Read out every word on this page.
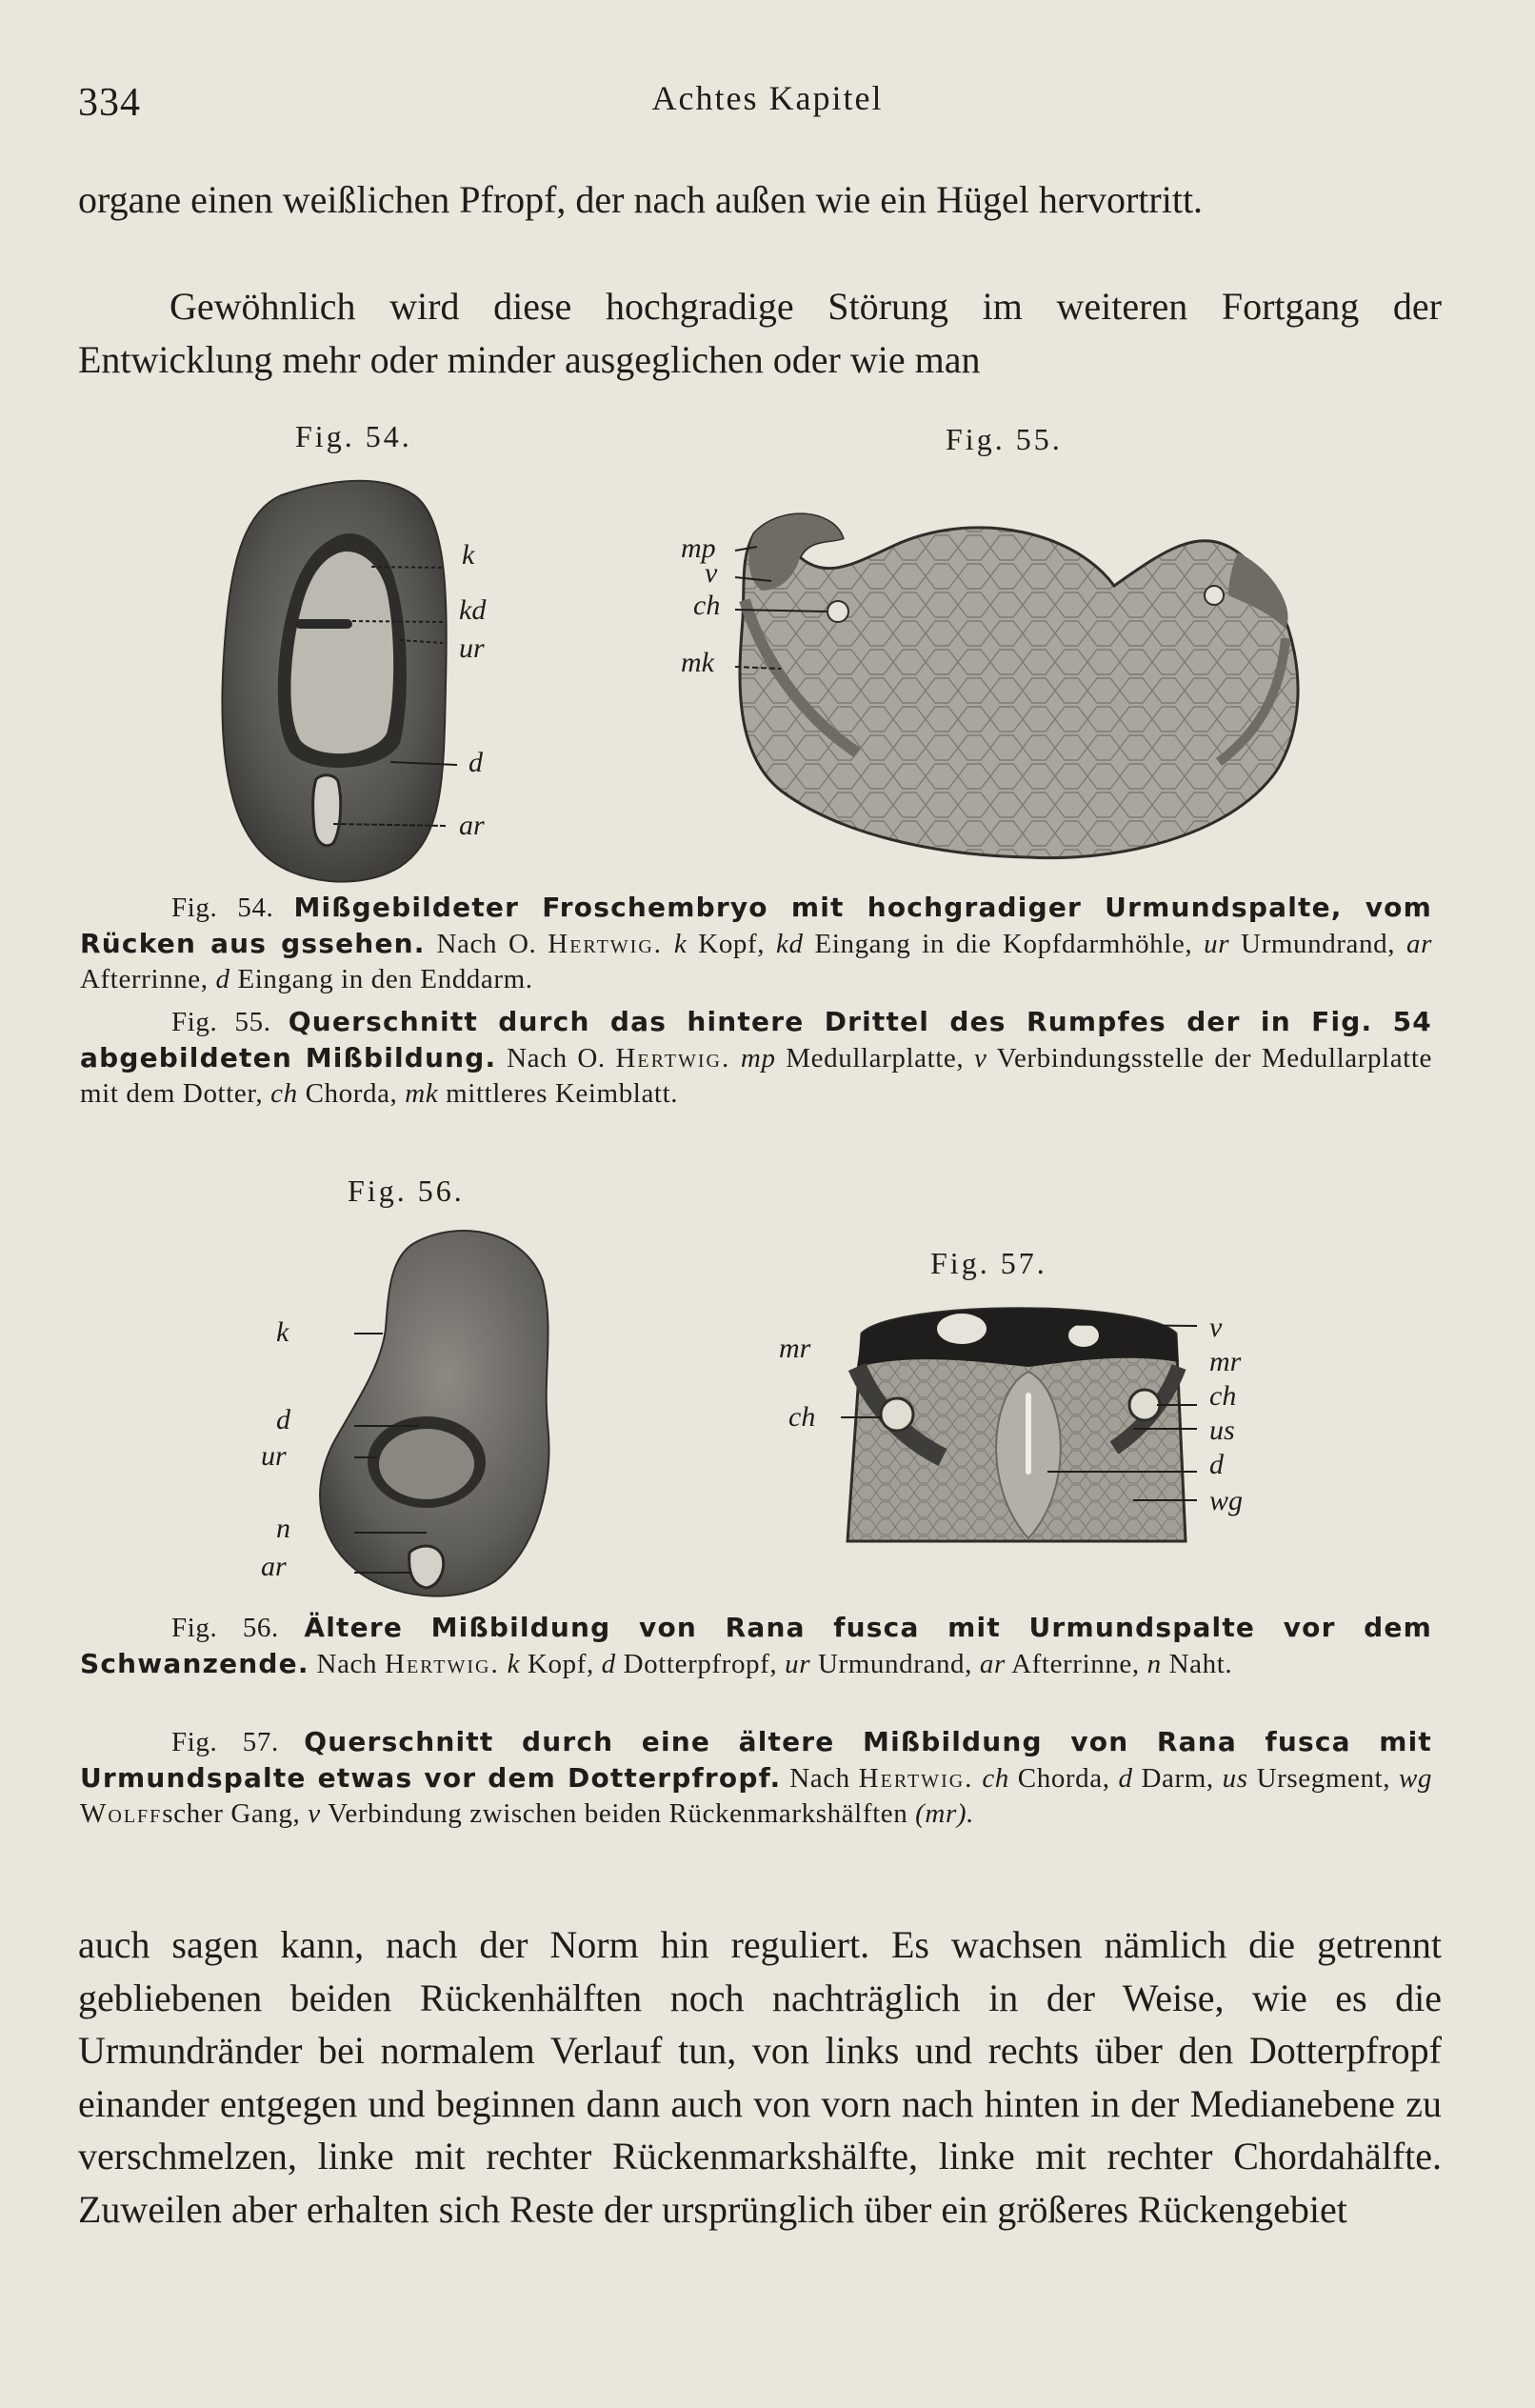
334	Achtes Kapitel

organe einen weißlichen Pfropf, der nach außen wie ein Hügel hervortritt.

Gewöhnlich wird diese hochgradige Störung im weiteren Fortgang der Entwicklung mehr oder minder ausgeglichen oder wie man

Fig. 54.	Fig. 55.
Fig. 56.
Fig. 57.
k
kd
ur
d
ar
mp
v
ch
mk

Fig. 54. Mißgebildeter Froschembryo mit hochgradiger Urmundspalte, vom Rücken aus gssehen. Nach O. Hertwig. k Kopf, kd Eingang in die Kopfdarmhöhle, ur Urmundrand, ar Afterrinne, d Eingang in den Enddarm.

Fig. 55. Querschnitt durch das hintere Drittel des Rumpfes der in Fig. 54 abgebildeten Mißbildung. Nach O. Hertwig. mp Medullarplatte, v Verbindungsstelle der Medullarplatte mit dem Dotter, ch Chorda, mk mittleres Keimblatt.

k
d
ur
n
ar
mr
ch
v
mr
ch
us
d
wg

Fig. 56. Ältere Mißbildung von Rana fusca mit Urmundspalte vor dem Schwanzende. Nach Hertwig. k Kopf, d Dotterpfropf, ur Urmundrand, ar Afterrinne, n Naht.

Fig. 57. Querschnitt durch eine ältere Mißbildung von Rana fusca mit Urmundspalte etwas vor dem Dotterpfropf. Nach Hertwig. ch Chorda, d Darm, us Ursegment, wg Wolffscher Gang, v Verbindung zwischen beiden Rückenmarkshälften (mr).

auch sagen kann, nach der Norm hin reguliert. Es wachsen nämlich die getrennt gebliebenen beiden Rückenhälften noch nachträglich in der Weise, wie es die Urmundränder bei normalem Verlauf tun, von links und rechts über den Dotterpfropf einander entgegen und beginnen dann auch von vorn nach hinten in der Medianebene zu verschmelzen, linke mit rechter Rückenmarkshälfte, linke mit rechter Chordahälfte. Zuweilen aber erhalten sich Reste der ursprünglich über ein größeres Rückengebiet
